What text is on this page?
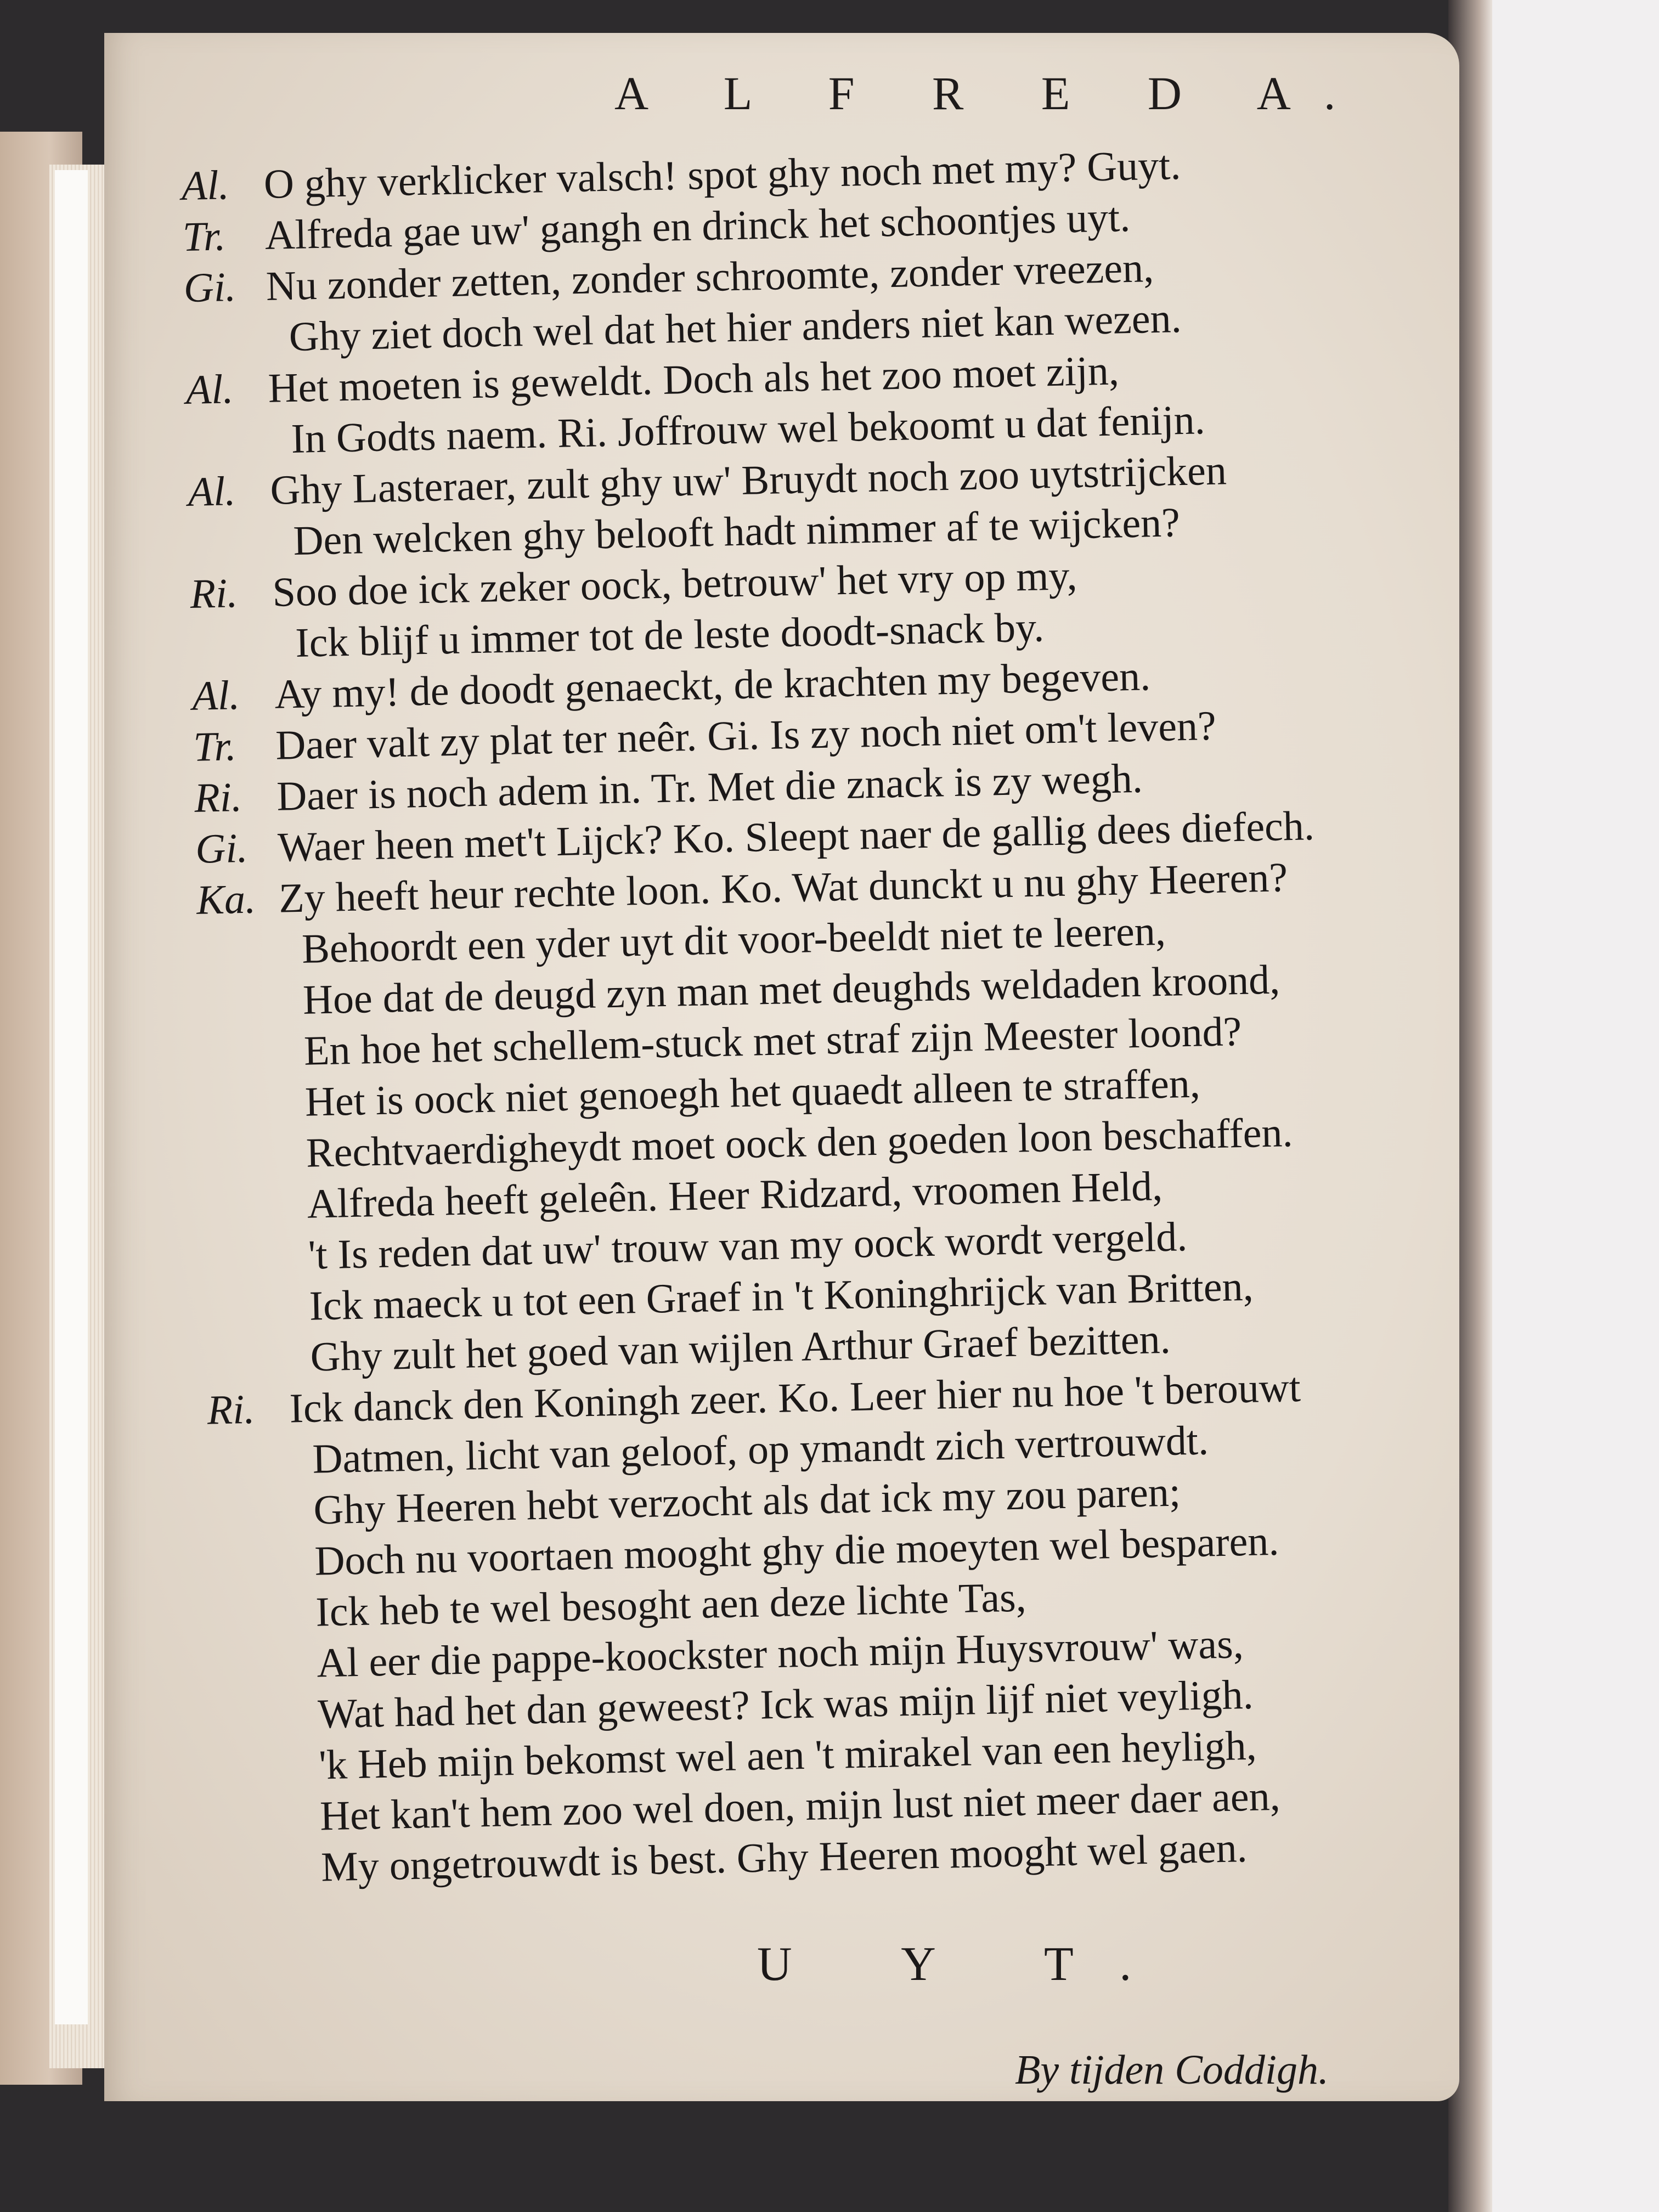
A L F R E D A.
Al. O ghy verklicker valsch! spot ghy noch met my? Guyt.
Tr. Alfreda gae uw' gangh en drinck het schoontjes uyt.
Gi. Nu zonder zetten, zonder schroomte, zonder vreezen,
Ghy ziet doch wel dat het hier anders niet kan wezen.
Al. Het moeten is geweldt. Doch als het zoo moet zijn,
In Godts naem. Ri. Joffrouw wel bekoomt u dat fenijn.
Al. Ghy Lasteraer, zult ghy uw' Bruydt noch zoo uytstrijcken
Den welcken ghy belooft hadt nimmer af te wijcken?
Ri. Soo doe ick zeker oock, betrouw' het vry op my,
Ick blijf u immer tot de leste doodt-snack by.
Al. Ay my! de doodt genaeckt, de krachten my begeven.
Tr. Daer valt zy plat ter neêr. Gi. Is zy noch niet om't leven?
Ri. Daer is noch adem in. Tr. Met die znack is zy wegh.
Gi. Waer heen met't Lijck? Ko. Sleept naer de gallig dees diefech.
Ka. Zy heeft heur rechte loon. Ko. Wat dunckt u nu ghy Heeren?
Behoordt een yder uyt dit voor-beeldt niet te leeren,
Hoe dat de deugd zyn man met deughds weldaden kroond,
En hoe het schellem-stuck met straf zijn Meester loond?
Het is oock niet genoegh het quaedt alleen te straffen,
Rechtvaerdigheydt moet oock den goeden loon beschaffen.
Alfreda heeft geleên. Heer Ridzard, vroomen Held,
't Is reden dat uw' trouw van my oock wordt vergeld.
Ick maeck u tot een Graef in 't Koninghrijck van Britten,
Ghy zult het goed van wijlen Arthur Graef bezitten.
Ri. Ick danck den Koningh zeer. Ko. Leer hier nu hoe 't berouwt
Datmen, licht van geloof, op ymandt zich vertrouwdt.
Ghy Heeren hebt verzocht als dat ick my zou paren;
Doch nu voortaen mooght ghy die moeyten wel besparen.
Ick heb te wel besoght aen deze lichte Tas,
Al eer die pappe-koockster noch mijn Huysvrouw' was,
Wat had het dan geweest? Ick was mijn lijf niet veyligh.
'k Heb mijn bekomst wel aen 't mirakel van een heyligh,
Het kan't hem zoo wel doen, mijn lust niet meer daer aen,
My ongetrouwdt is best. Ghy Heeren mooght wel gaen.
U Y T.
By tijden Coddigh.
